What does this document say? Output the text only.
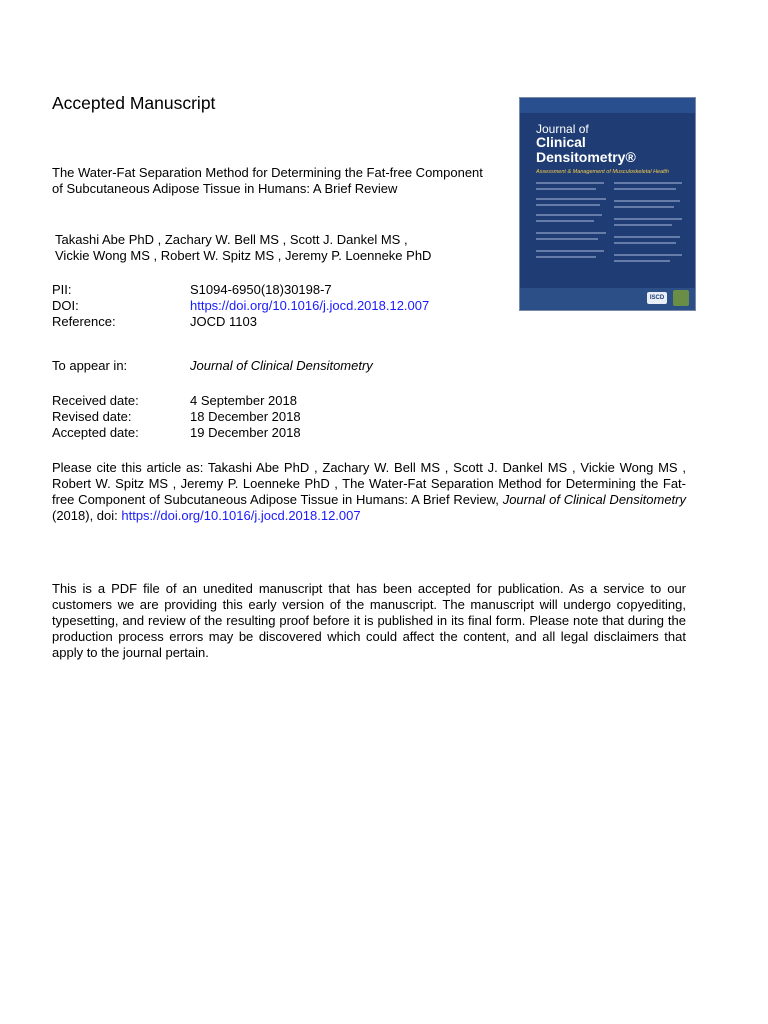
Accepted Manuscript
The Water-Fat Separation Method for Determining the Fat-free Component of Subcutaneous Adipose Tissue in Humans: A Brief Review
Takashi Abe PhD , Zachary W. Bell MS , Scott J. Dankel MS ,
Vickie Wong MS , Robert W. Spitz MS , Jeremy P. Loenneke PhD
PII:	S1094-6950(18)30198-7
DOI:	https://doi.org/10.1016/j.jocd.2018.12.007
Reference:	JOCD 1103
To appear in:	Journal of Clinical Densitometry
Received date:	4 September 2018
Revised date:	18 December 2018
Accepted date:	19 December 2018
Please cite this article as: Takashi Abe PhD , Zachary W. Bell MS , Scott J. Dankel MS , Vickie Wong MS , Robert W. Spitz MS , Jeremy P. Loenneke PhD , The Water-Fat Separation Method for Determining the Fat-free Component of Subcutaneous Adipose Tissue in Humans: A Brief Review, Journal of Clinical Densitometry (2018), doi: https://doi.org/10.1016/j.jocd.2018.12.007
This is a PDF file of an unedited manuscript that has been accepted for publication. As a service to our customers we are providing this early version of the manuscript. The manuscript will undergo copyediting, typesetting, and review of the resulting proof before it is published in its final form. Please note that during the production process errors may be discovered which could affect the content, and all legal disclaimers that apply to the journal pertain.
Journal of
Clinical
Densitometry®
Assessment & Management of Musculoskeletal Health
ISCD
